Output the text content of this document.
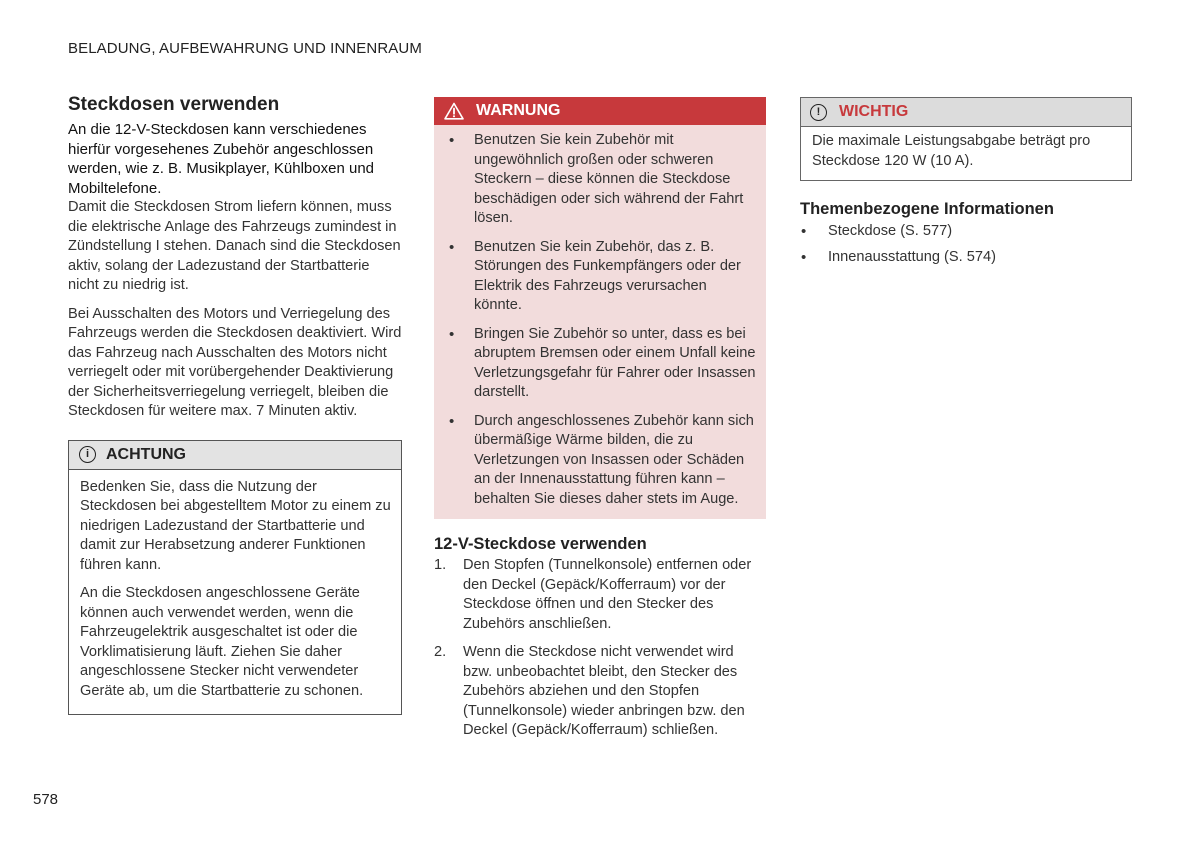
BELADUNG, AUFBEWAHRUNG UND INNENRAUM
Steckdosen verwenden

An die 12-V-Steckdosen kann verschiedenes hierfür vorgesehenes Zubehör angeschlossen werden, wie z. B. Musikplayer, Kühlboxen und Mobiltelefone.

Damit die Steckdosen Strom liefern können, muss die elektrische Anlage des Fahrzeugs zumindest in Zündstellung I stehen. Danach sind die Steckdosen aktiv, solang der Ladezustand der Startbatterie nicht zu niedrig ist.

Bei Ausschalten des Motors und Verriegelung des Fahrzeugs werden die Steckdosen deaktiviert. Wird das Fahrzeug nach Ausschalten des Motors nicht verriegelt oder mit vorübergehender Deaktivierung der Sicherheitsverriegelung verriegelt, bleiben die Steckdosen für weitere max. 7 Minuten aktiv.

i	ACHTUNG

Bedenken Sie, dass die Nutzung der Steckdosen bei abgestelltem Motor zu einem zu niedrigen Ladezustand der Startbatterie und damit zur Herabsetzung anderer Funktionen führen kann.

An die Steckdosen angeschlossene Geräte können auch verwendet werden, wenn die Fahrzeugelektrik ausgeschaltet ist oder die Vorklimatisierung läuft. Ziehen Sie daher angeschlossene Stecker nicht verwendeter Geräte ab, um die Startbatterie zu schonen.

WARNUNG
• Benutzen Sie kein Zubehör mit ungewöhnlich großen oder schweren Steckern – diese können die Steckdose beschädigen oder sich während der Fahrt lösen.
• Benutzen Sie kein Zubehör, das z. B. Störungen des Funkempfängers oder der Elektrik des Fahrzeugs verursachen könnte.
• Bringen Sie Zubehör so unter, dass es bei abruptem Bremsen oder einem Unfall keine Verletzungsgefahr für Fahrer oder Insassen darstellt.
• Durch angeschlossenes Zubehör kann sich übermäßige Wärme bilden, die zu Verletzungen von Insassen oder Schäden an der Innenausstattung führen kann – behalten Sie dieses daher stets im Auge.
12-V-Steckdose verwenden
1. Den Stopfen (Tunnelkonsole) entfernen oder den Deckel (Gepäck/Kofferraum) vor der Steckdose öffnen und den Stecker des Zubehörs anschließen.
2. Wenn die Steckdose nicht verwendet wird bzw. unbeobachtet bleibt, den Stecker des Zubehörs abziehen und den Stopfen (Tunnelkonsole) wieder anbringen bzw. den Deckel (Gepäck/Kofferraum) schließen.
!	WICHTIG
Die maximale Leistungsabgabe beträgt pro Steckdose 120 W (10 A).
Themenbezogene Informationen
• Steckdose (S. 577)
• Innenausstattung (S. 574)
578
